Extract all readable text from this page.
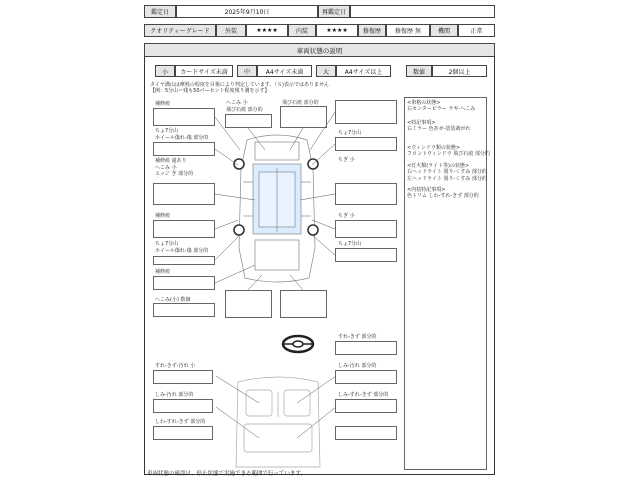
鑑定日	2025年9月10日	再鑑定日
クオリティーグレード	外装	★★★★	内装	★★★★	修復歴	修復歴 無	機関	正常
車両状態の説明
小	カードサイズ未満	中	A4サイズ未満	大	A4サイズ以上	数値	2個以上
タイヤ溝山は摩耗の程度を目視により判定しています。（Ｓ)表示ではありません
【例：5分山＝残も50パーセント程度残り溝を示す】
補修痕	へこみ 小
飛び石痕 部分的
飛び石痕 部分的
ちょ7分山
ホイール傷れ-傷 部分的
補修痕 還あり
へこみ 小
エッジ ぎ 部分的
補修痕
ちょ7分山
ホイール傷れ-傷 部分的
補修痕
へこみ(小) 数個
ちょ7分山
ちぎ 小
ちぎ 小
ちょ7分山
<車格の状態>
右センターピラー ラギ-へこみ
<特記事項>
右ミラー 色あせ-塗装剥がれ
<ウィンドウ類の状態>
フロントウィンドウ 飛び石痕 部分的
<灯火類(ライト等)の状態>
右ヘッドライト 曇り-くすみ 部分的
左ヘッドライト 曇り-くすみ 部分的
<内装特記事項>
色トリム しわ-すれ-きず 部分的
すれ-きず 部分的
すれ-きず-汚れ 小	しみ-汚れ 部分的
しみ-汚れ 部分的	しみ-すれ-きず 部分的
しわ-すれ-きず 部分的
車両状態の確認は、停止状態で実施できる範囲で行っています。
